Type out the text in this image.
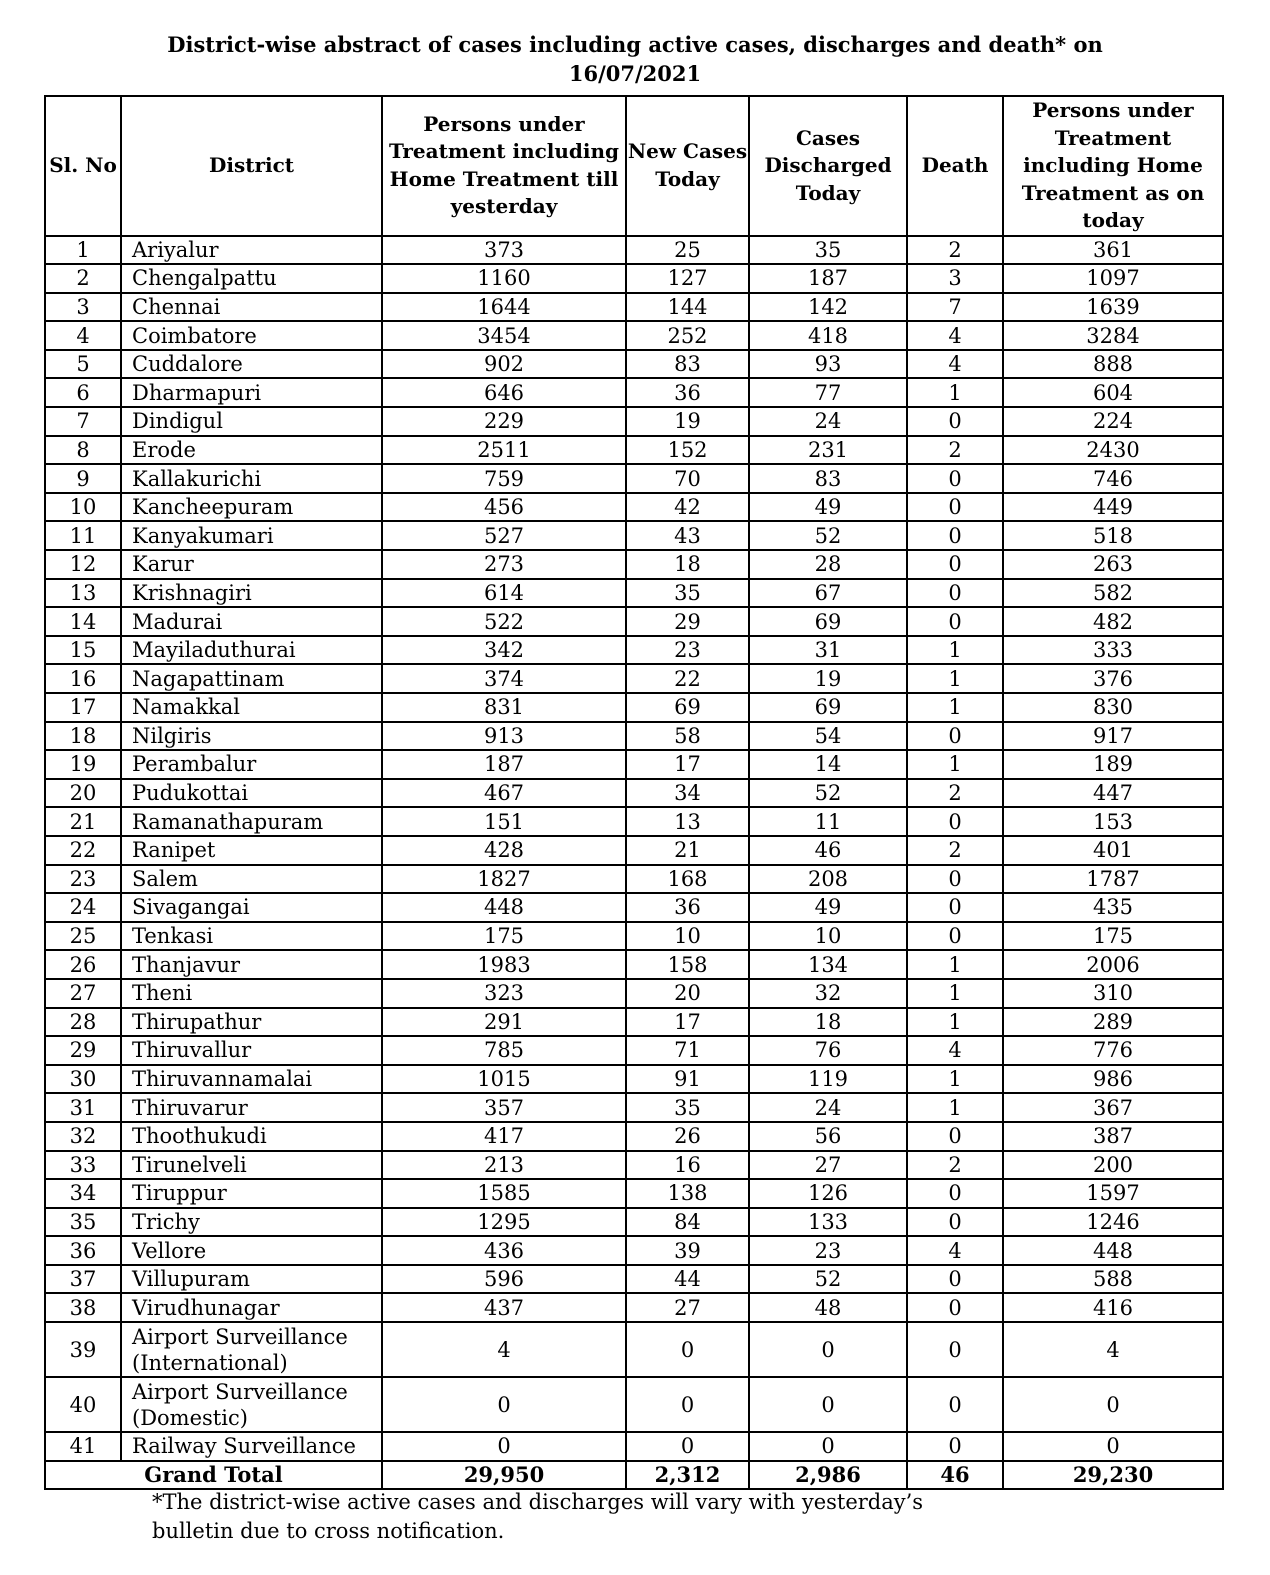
District-wise abstract of cases including active cases, discharges and death* on
16/07/2021
Sl. No	District	Persons under Treatment including Home Treatment till yesterday	New Cases Today	Cases Discharged Today	Death	Persons under Treatment including Home Treatment as on today
1	Ariyalur	373	25	35	2	361
2	Chengalpattu	1160	127	187	3	1097
3	Chennai	1644	144	142	7	1639
4	Coimbatore	3454	252	418	4	3284
5	Cuddalore	902	83	93	4	888
6	Dharmapuri	646	36	77	1	604
7	Dindigul	229	19	24	0	224
8	Erode	2511	152	231	2	2430
9	Kallakurichi	759	70	83	0	746
10	Kancheepuram	456	42	49	0	449
11	Kanyakumari	527	43	52	0	518
12	Karur	273	18	28	0	263
13	Krishnagiri	614	35	67	0	582
14	Madurai	522	29	69	0	482
15	Mayiladuthurai	342	23	31	1	333
16	Nagapattinam	374	22	19	1	376
17	Namakkal	831	69	69	1	830
18	Nilgiris	913	58	54	0	917
19	Perambalur	187	17	14	1	189
20	Pudukottai	467	34	52	2	447
21	Ramanathapuram	151	13	11	0	153
22	Ranipet	428	21	46	2	401
23	Salem	1827	168	208	0	1787
24	Sivagangai	448	36	49	0	435
25	Tenkasi	175	10	10	0	175
26	Thanjavur	1983	158	134	1	2006
27	Theni	323	20	32	1	310
28	Thirupathur	291	17	18	1	289
29	Thiruvallur	785	71	76	4	776
30	Thiruvannamalai	1015	91	119	1	986
31	Thiruvarur	357	35	24	1	367
32	Thoothukudi	417	26	56	0	387
33	Tirunelveli	213	16	27	2	200
34	Tiruppur	1585	138	126	0	1597
35	Trichy	1295	84	133	0	1246
36	Vellore	436	39	23	4	448
37	Villupuram	596	44	52	0	588
38	Virudhunagar	437	27	48	0	416
39	Airport Surveillance (International)	4	0	0	0	4
40	Airport Surveillance (Domestic)	0	0	0	0	0
41	Railway Surveillance	0	0	0	0	0
Grand Total		29,950	2,312	2,986	46	29,230
*The district-wise active cases and discharges will vary with yesterday’s
bulletin due to cross notification.
